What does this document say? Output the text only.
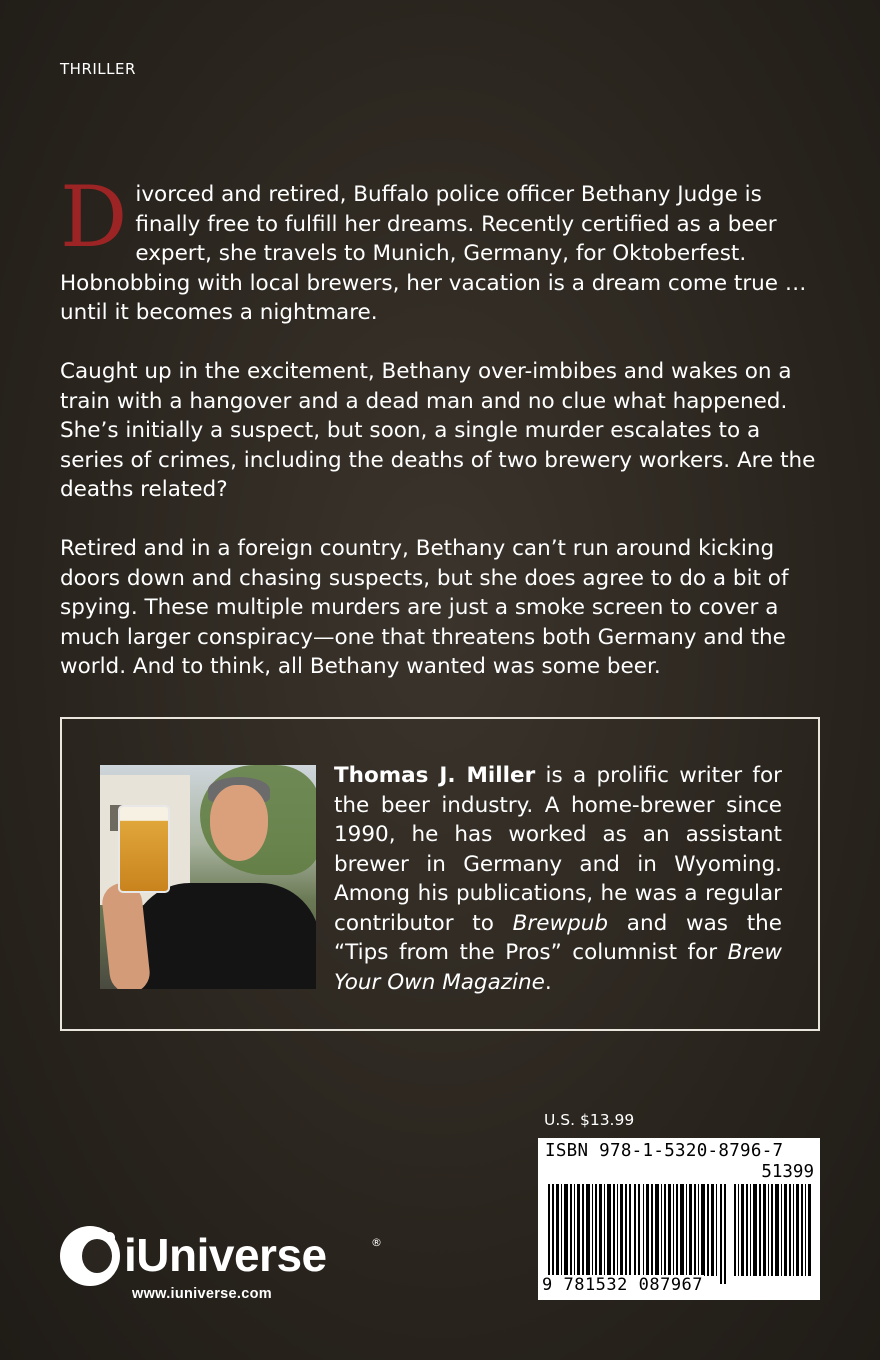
THRILLER

Divorced and retired, Buffalo police officer Bethany Judge is finally free to fulfill her dreams. Recently certified as a beer expert, she travels to Munich, Germany, for Oktoberfest. Hobnobbing with local brewers, her vacation is a dream come true … until it becomes a nightmare.

Caught up in the excitement, Bethany over-imbibes and wakes on a train with a hangover and a dead man and no clue what happened. She’s initially a suspect, but soon, a single murder escalates to a series of crimes, including the deaths of two brewery workers. Are the deaths related?

Retired and in a foreign country, Bethany can’t run around kicking doors down and chasing suspects, but she does agree to do a bit of spying. These multiple murders are just a smoke screen to cover a much larger conspiracy—one that threatens both Germany and the world. And to think, all Bethany wanted was some beer.

Thomas J. Miller is a prolific writer for the beer industry. A home-brewer since 1990, he has worked as an assistant brewer in Germany and in Wyoming. Among his publications, he was a regular contributor to Brewpub and was the “Tips from the Pros” columnist for Brew Your Own Magazine.
U.S. $13.99
ISBN 978-1-5320-8796-7
51399
9 781532 087967
iUniverse	®
www.iuniverse.com
